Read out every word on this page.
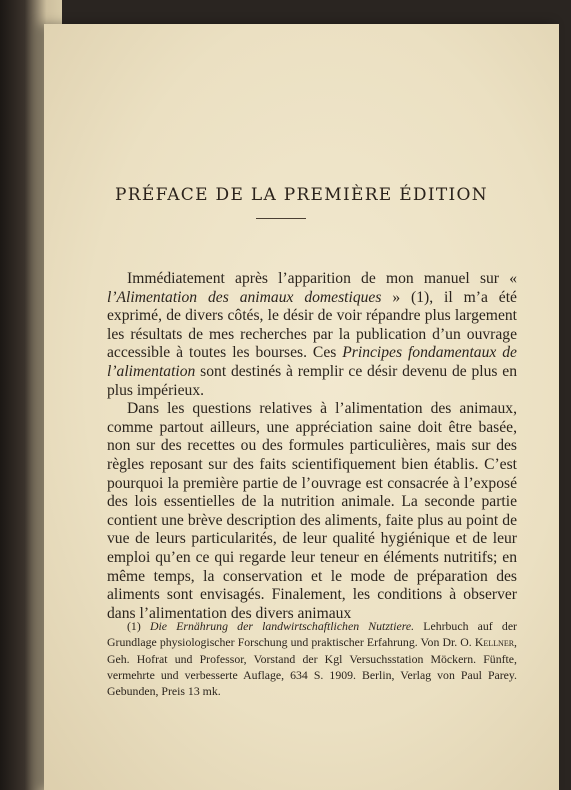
PRÉFACE DE LA PREMIÈRE ÉDITION

Immédiatement après l’apparition de mon manuel sur « l’Alimentation des animaux domestiques » (1), il m’a été exprimé, de divers côtés, le désir de voir répandre plus largement les résultats de mes recherches par la publication d’un ouvrage accessible à toutes les bourses. Ces Principes fondamentaux de l’alimentation sont destinés à remplir ce désir devenu de plus en plus impérieux.

Dans les questions relatives à l’alimentation des animaux, comme partout ailleurs, une appréciation saine doit être basée, non sur des recettes ou des formules particulières, mais sur des règles reposant sur des faits scientifiquement bien établis. C’est pourquoi la première partie de l’ouvrage est consacrée à l’exposé des lois essentielles de la nutrition animale. La seconde partie contient une brève description des aliments, faite plus au point de vue de leurs particularités, de leur qualité hygiénique et de leur emploi qu’en ce qui regarde leur teneur en éléments nutritifs; en même temps, la conservation et le mode de préparation des aliments sont envisagés. Finalement, les conditions à observer dans l’alimentation des divers animaux

(1) Die Ernährung der landwirtschaftlichen Nutztiere. Lehrbuch auf der Grundlage physiologischer Forschung und praktischer Erfahrung. Von Dr. O. Kellner, Geh. Hofrat und Professor, Vorstand der Kgl Versuchsstation Möckern. Fünfte, vermehrte und verbesserte Auflage, 634 S. 1909. Berlin, Verlag von Paul Parey. Gebunden, Preis 13 mk.
